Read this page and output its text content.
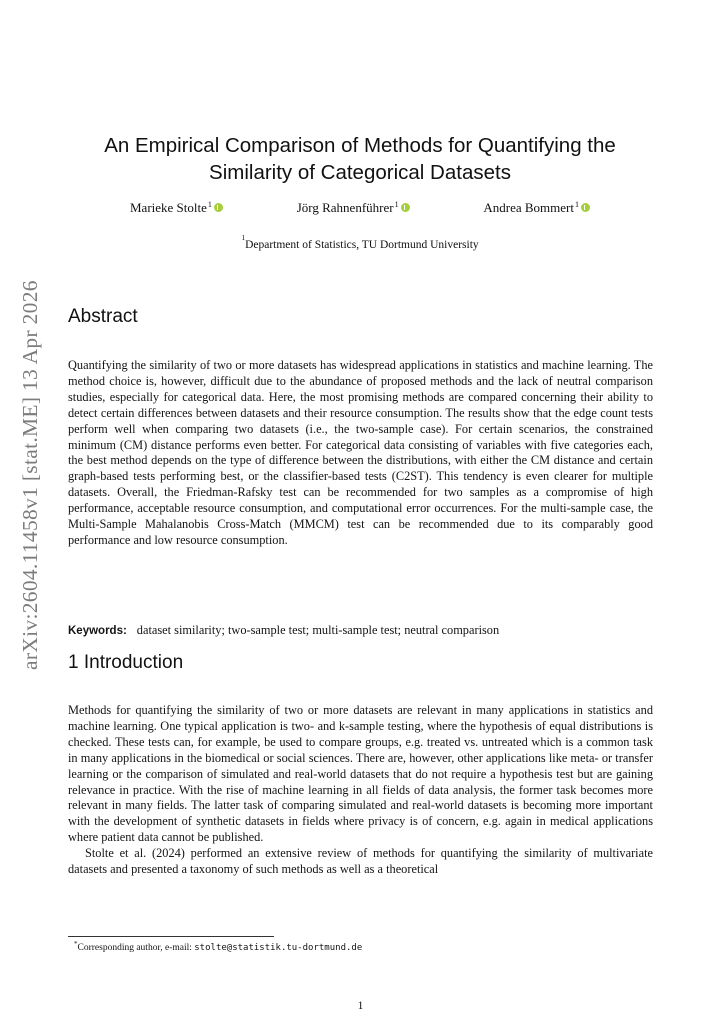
arXiv:2604.11458v1 [stat.ME] 13 Apr 2026
An Empirical Comparison of Methods for Quantifying the
Similarity of Categorical Datasets
Marieke Stolte$^1$	Jörg Rahnenführer$^1$	Andrea Bommert$^1$
$^1$Department of Statistics, TU Dortmund University
Abstract

Quantifying the similarity of two or more datasets has widespread applications in statistics and machine learning. The method choice is, however, difficult due to the abundance of proposed methods and the lack of neutral comparison studies, especially for categorical data. Here, the most promising methods are compared concerning their ability to detect certain differences between datasets and their resource consumption. The results show that the edge count tests perform well when comparing two datasets (i.e., the two-sample case). For certain scenarios, the constrained minimum (CM) distance performs even better. For categorical data consisting of variables with five categories each, the best method depends on the type of difference between the distributions, with either the CM distance and certain graph-based tests performing best, or the classifier-based tests (C2ST). This tendency is even clearer for multiple datasets. Overall, the Friedman-Rafsky test can be recommended for two samples as a compromise of high performance, acceptable resource consumption, and computational error occurrences. For the multi-sample case, the Multi-Sample Mahalanobis Cross-Match (MMCM) test can be recommended due to its comparably good performance and low resource consumption.

Keywords: dataset similarity; two-sample test; multi-sample test; neutral comparison
1 Introduction

Methods for quantifying the similarity of two or more datasets are relevant in many applications in statistics and machine learning. One typical application is two- and k-sample testing, where the hypothesis of equal distributions is checked. These tests can, for example, be used to compare groups, e.g. treated vs. untreated which is a common task in many applications in the biomedical or social sciences. There are, however, other applications like meta- or transfer learning or the comparison of simulated and real-world datasets that do not require a hypothesis test but are gaining relevance in practice. With the rise of machine learning in all fields of data analysis, the former task becomes more relevant in many fields. The latter task of comparing simulated and real-world datasets is becoming more important with the development of synthetic datasets in fields where privacy is of concern, e.g. again in medical applications where patient data cannot be published.

Stolte et al. (2024) performed an extensive review of methods for quantifying the similarity of multivariate datasets and presented a taxonomy of such methods as well as a theoretical

*Corresponding author, e-mail: stolte@statistik.tu-dortmund.de
1
